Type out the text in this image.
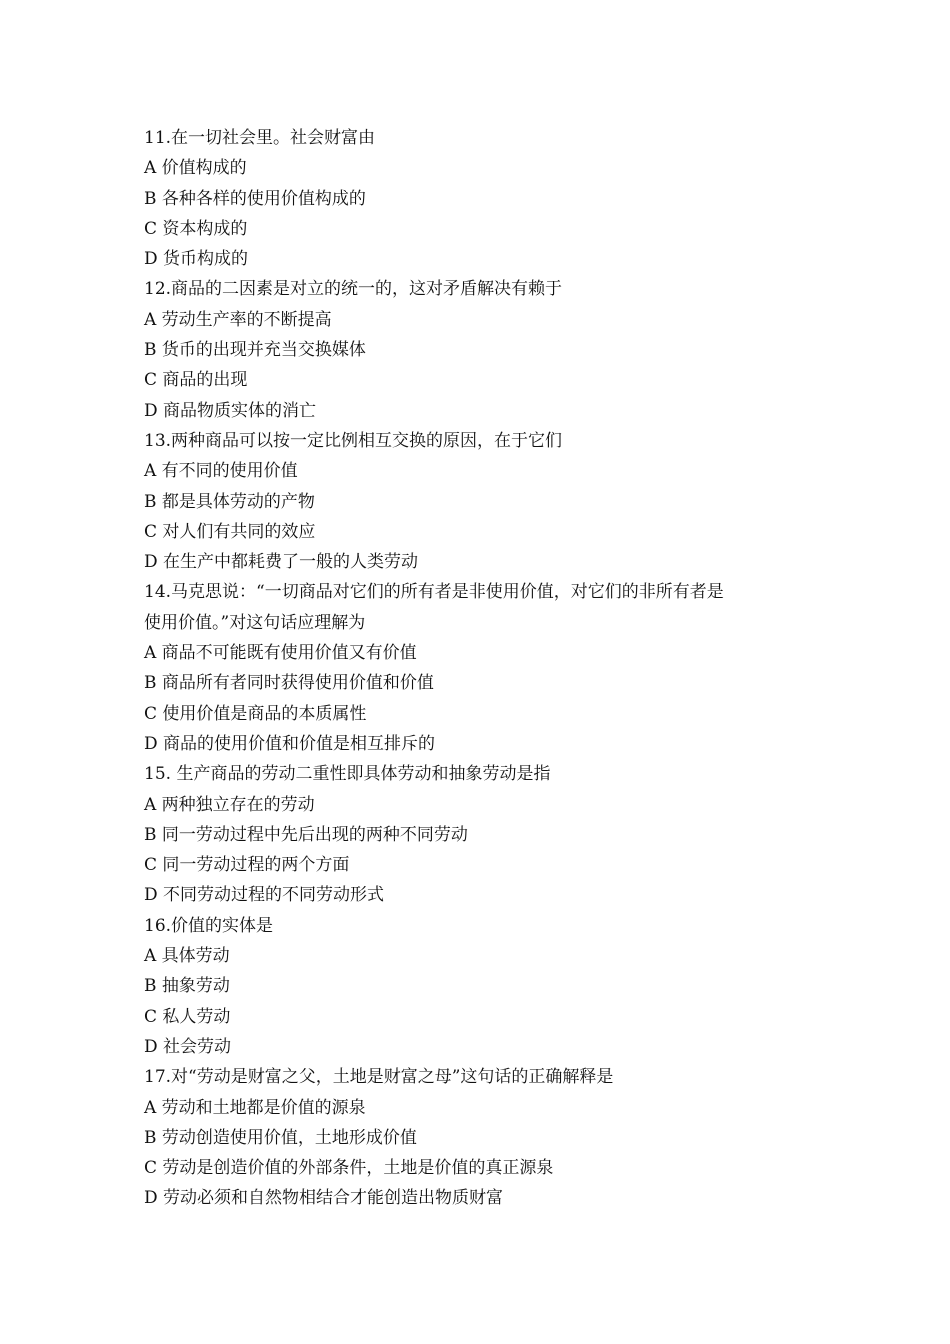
11.在一切社会里。社会财富由
A 价值构成的
B 各种各样的使用价值构成的
C 资本构成的
D 货币构成的
12.商品的二因素是对立的统一的，这对矛盾解决有赖于
A 劳动生产率的不断提高
B 货币的出现并充当交换媒体
C 商品的出现
D 商品物质实体的消亡
13.两种商品可以按一定比例相互交换的原因，在于它们
A 有不同的使用价值
B 都是具体劳动的产物
C 对人们有共同的效应
D 在生产中都耗费了一般的人类劳动
14.马克思说：“一切商品对它们的所有者是非使用价值，对它们的非所有者是
使用价值。”对这句话应理解为
A 商品不可能既有使用价值又有价值
B 商品所有者同时获得使用价值和价值
C 使用价值是商品的本质属性
D 商品的使用价值和价值是相互排斥的
15. 生产商品的劳动二重性即具体劳动和抽象劳动是指
A 两种独立存在的劳动
B 同一劳动过程中先后出现的两种不同劳动
C 同一劳动过程的两个方面
D 不同劳动过程的不同劳动形式
16.价值的实体是
A 具体劳动
B 抽象劳动
C 私人劳动
D 社会劳动
17.对“劳动是财富之父，土地是财富之母”这句话的正确解释是
A 劳动和土地都是价值的源泉
B 劳动创造使用价值，土地形成价值
C 劳动是创造价值的外部条件，土地是价值的真正源泉
D 劳动必须和自然物相结合才能创造出物质财富
